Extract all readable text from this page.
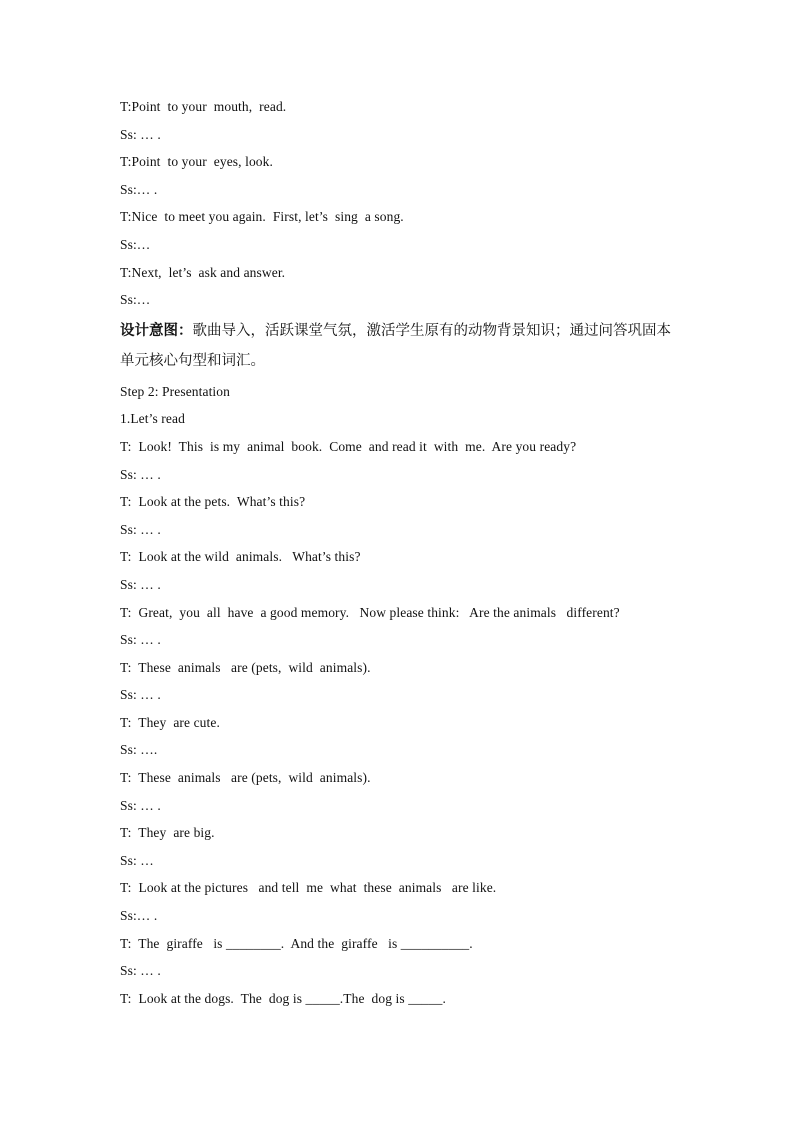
T:Point  to your  mouth,  read.
Ss: … .
T:Point  to your  eyes, look.
Ss:… .
T:Nice  to meet you again.  First, let’s  sing  a song.
Ss:…
T:Next,  let’s  ask and answer.
Ss:…
设计意图：歌曲导入，活跃课堂气氛，激活学生原有的动物背景知识；通过问答巩固本单元核心句型和词汇。
Step 2: Presentation
1.Let’s read
T:  Look!  This  is my  animal  book.  Come  and read it  with  me.  Are you ready?
Ss: … .
T:  Look at the pets.  What’s this?
Ss: … .
T:  Look at the wild  animals.   What’s this?
Ss: … .
T:  Great,  you  all  have  a good memory.   Now please think:   Are the animals   different?
Ss: … .
T:  These  animals   are (pets,  wild  animals).
Ss: … .
T:  They  are cute.
Ss: ….
T:  These  animals   are (pets,  wild  animals).
Ss: … .
T:  They  are big.
Ss: …
T:  Look at the pictures   and tell  me  what  these  animals   are like.
Ss:… .
T:  The  giraffe   is ________.  And the  giraffe   is __________.
Ss: … .
T:  Look at the dogs.  The  dog is _____.The  dog is _____.
